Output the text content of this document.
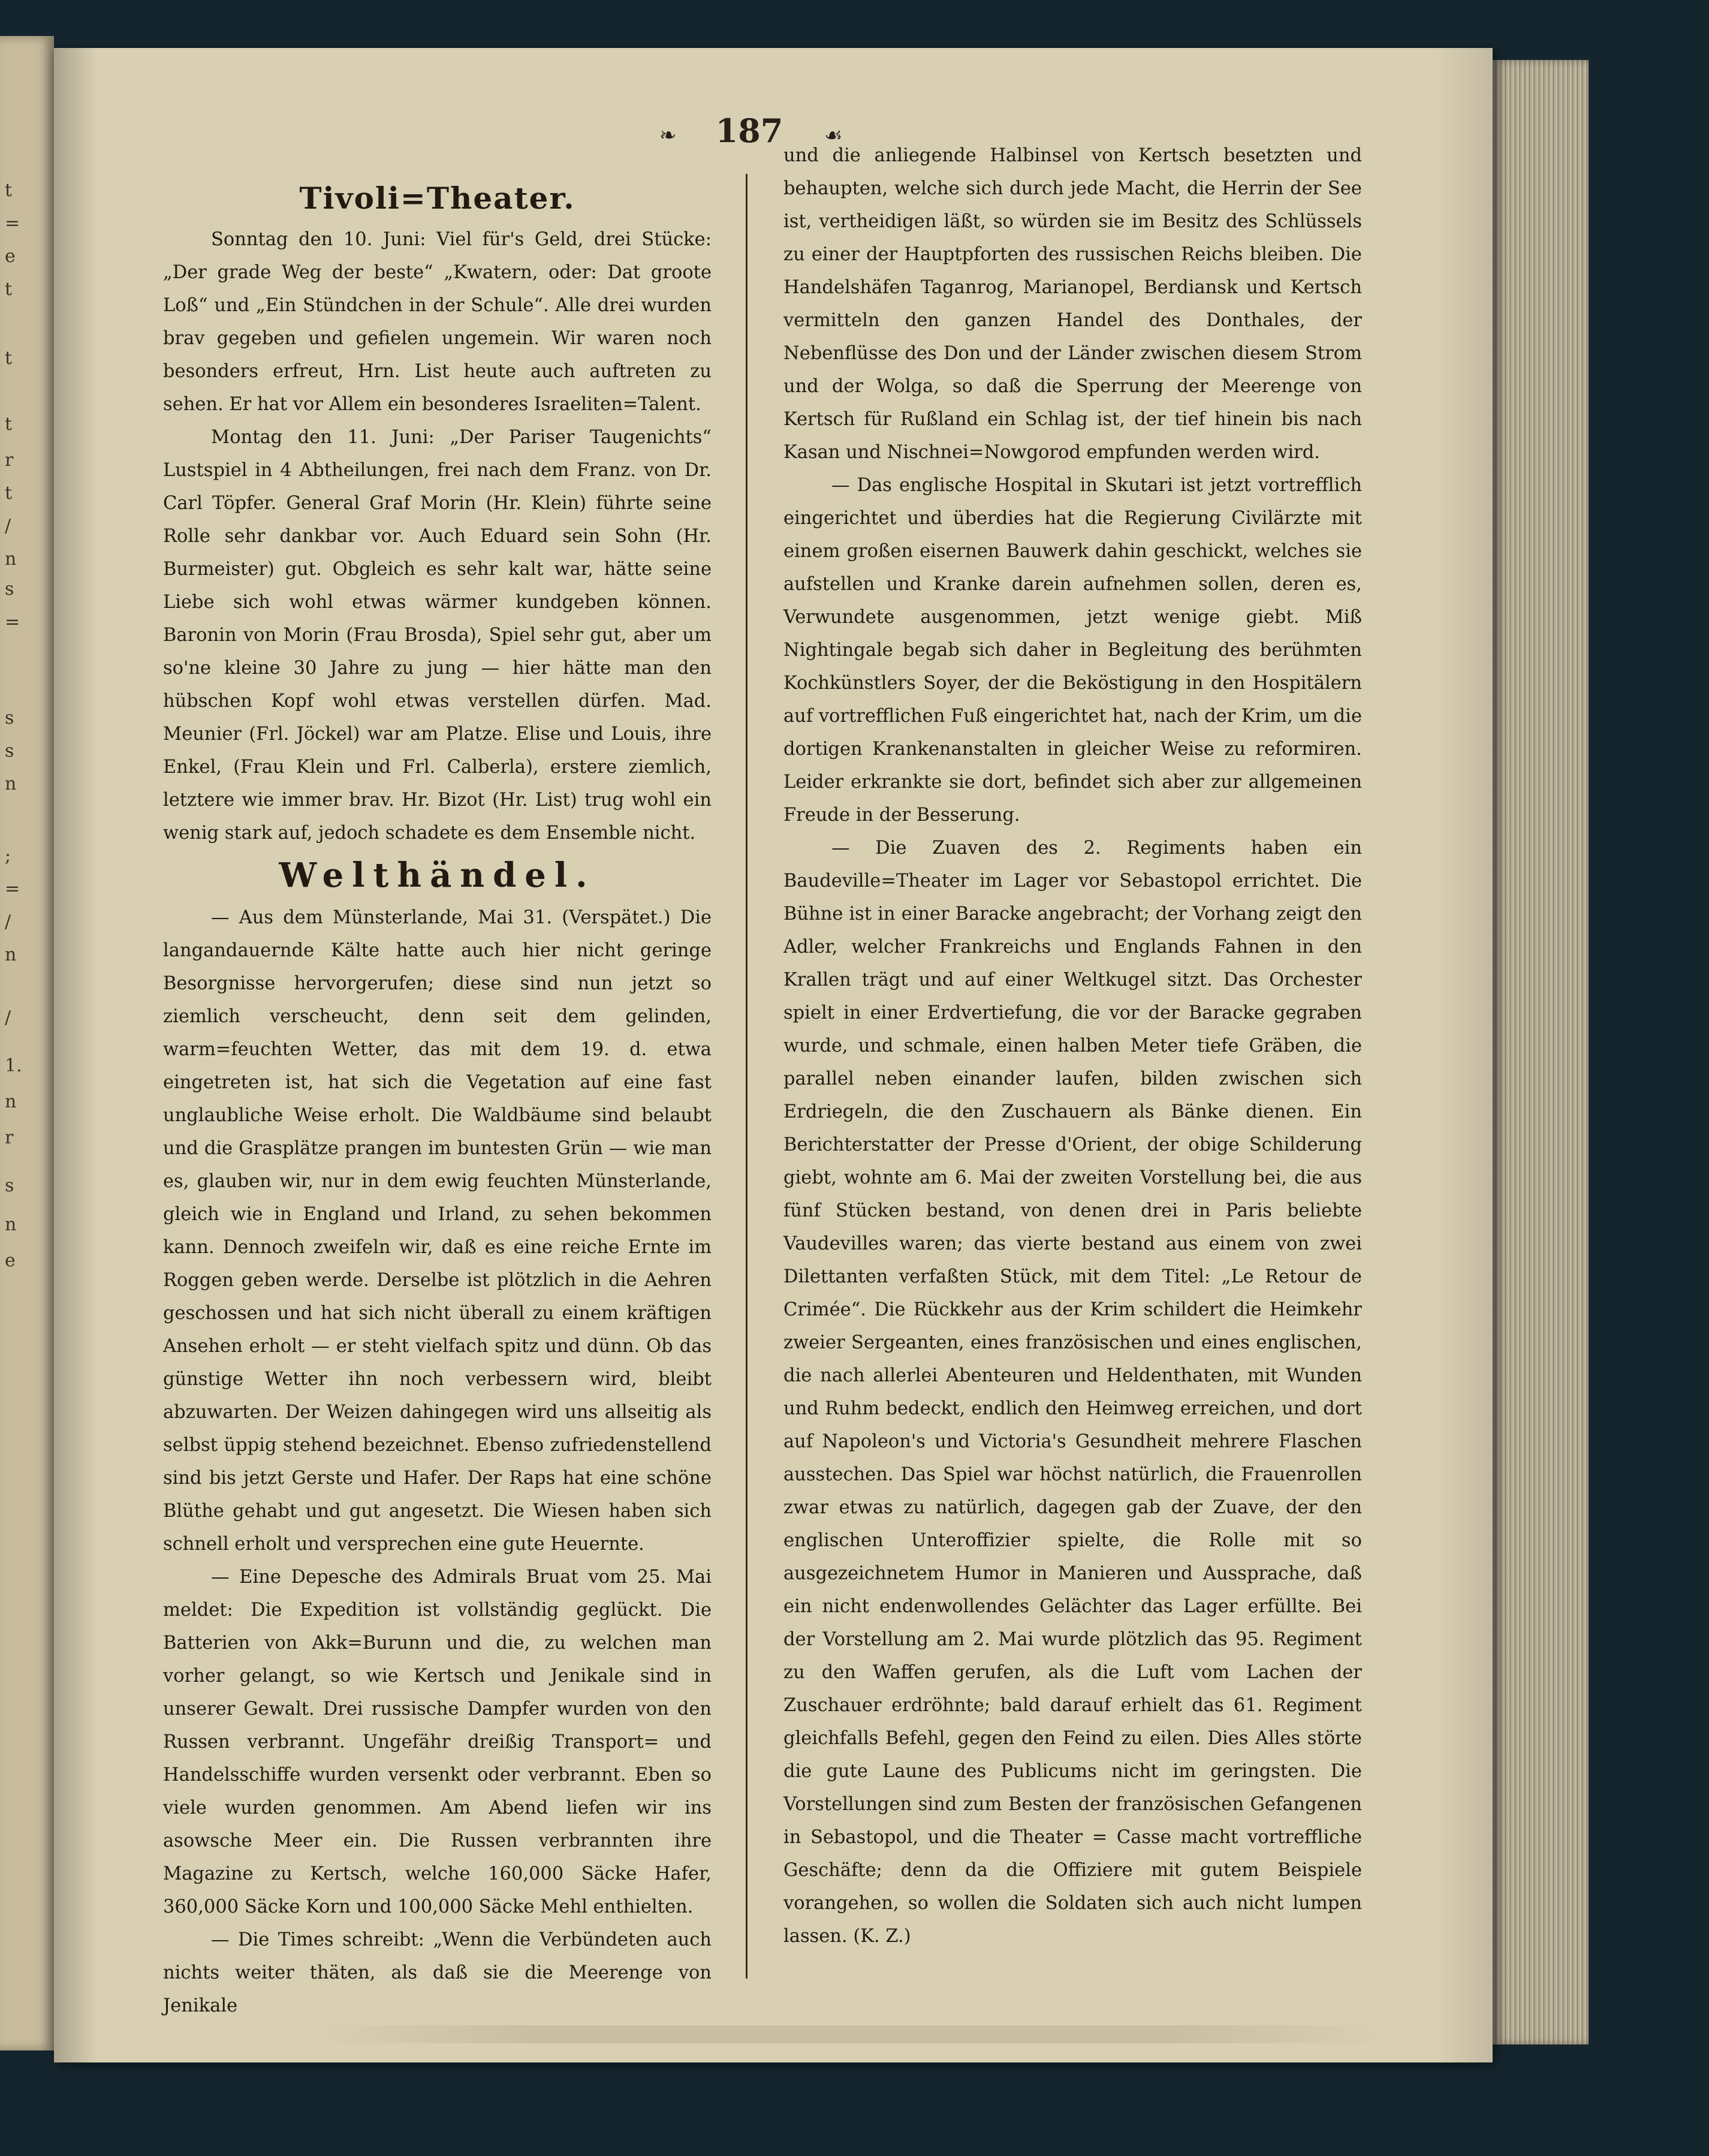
t
=
e
t
t
t
r
t
/
n
s
=
s
s
n
;
=
/
n
/
1.
n
r
s
n
e
❧	187	☙
Tivoli=Theater.

Sonntag den 10. Juni: Viel für's Geld, drei Stücke: „Der grade Weg der beste“ „Kwatern, oder: Dat groote Loß“ und „Ein Stündchen in der Schule“. Alle drei wurden brav gegeben und gefielen ungemein. Wir waren noch besonders erfreut, Hrn. List heute auch auftreten zu sehen. Er hat vor Allem ein besonderes Israeliten=Talent.

Montag den 11. Juni: „Der Pariser Taugenichts“ Lustspiel in 4 Abtheilungen, frei nach dem Franz. von Dr. Carl Töpfer. General Graf Morin (Hr. Klein) führte seine Rolle sehr dankbar vor. Auch Eduard sein Sohn (Hr. Burmeister) gut. Obgleich es sehr kalt war, hätte seine Liebe sich wohl etwas wärmer kundgeben können. Baronin von Morin (Frau Brosda), Spiel sehr gut, aber um so'ne kleine 30 Jahre zu jung — hier hätte man den hübschen Kopf wohl etwas verstellen dürfen. Mad. Meunier (Frl. Jöckel) war am Platze. Elise und Louis, ihre Enkel, (Frau Klein und Frl. Calberla), erstere ziemlich, letztere wie immer brav. Hr. Bizot (Hr. List) trug wohl ein wenig stark auf, jedoch schadete es dem Ensemble nicht.

Welthändel.

— Aus dem Münsterlande, Mai 31. (Verspätet.) Die langandauernde Kälte hatte auch hier nicht geringe Besorgnisse hervorgerufen; diese sind nun jetzt so ziemlich verscheucht, denn seit dem gelinden, warm=feuchten Wetter, das mit dem 19. d. etwa eingetreten ist, hat sich die Vegetation auf eine fast unglaubliche Weise erholt. Die Waldbäume sind belaubt und die Grasplätze prangen im buntesten Grün — wie man es, glauben wir, nur in dem ewig feuchten Münsterlande, gleich wie in England und Irland, zu sehen bekommen kann. Dennoch zweifeln wir, daß es eine reiche Ernte im Roggen geben werde. Derselbe ist plötzlich in die Aehren geschossen und hat sich nicht überall zu einem kräftigen Ansehen erholt — er steht vielfach spitz und dünn. Ob das günstige Wetter ihn noch verbessern wird, bleibt abzuwarten. Der Weizen dahingegen wird uns allseitig als selbst üppig stehend bezeichnet. Ebenso zufriedenstellend sind bis jetzt Gerste und Hafer. Der Raps hat eine schöne Blüthe gehabt und gut angesetzt. Die Wiesen haben sich schnell erholt und versprechen eine gute Heuernte.

— Eine Depesche des Admirals Bruat vom 25. Mai meldet: Die Expedition ist vollständig geglückt. Die Batterien von Akk=Burunn und die, zu welchen man vorher gelangt, so wie Kertsch und Jenikale sind in unserer Gewalt. Drei russische Dampfer wurden von den Russen verbrannt. Ungefähr dreißig Transport= und Handelsschiffe wurden versenkt oder verbrannt. Eben so viele wurden genommen. Am Abend liefen wir ins asowsche Meer ein. Die Russen verbrannten ihre Magazine zu Kertsch, welche 160,000 Säcke Hafer, 360,000 Säcke Korn und 100,000 Säcke Mehl enthielten.

— Die Times schreibt: „Wenn die Verbündeten auch nichts weiter thäten, als daß sie die Meerenge von Jenikale

und die anliegende Halbinsel von Kertsch besetzten und behaupten, welche sich durch jede Macht, die Herrin der See ist, vertheidigen läßt, so würden sie im Besitz des Schlüssels zu einer der Hauptpforten des russischen Reichs bleiben. Die Handelshäfen Taganrog, Marianopel, Berdiansk und Kertsch vermitteln den ganzen Handel des Donthales, der Nebenflüsse des Don und der Länder zwischen diesem Strom und der Wolga, so daß die Sperrung der Meerenge von Kertsch für Rußland ein Schlag ist, der tief hinein bis nach Kasan und Nischnei=Nowgorod empfunden werden wird.

— Das englische Hospital in Skutari ist jetzt vortrefflich eingerichtet und überdies hat die Regierung Civilärzte mit einem großen eisernen Bauwerk dahin geschickt, welches sie aufstellen und Kranke darein aufnehmen sollen, deren es, Verwundete ausgenommen, jetzt wenige giebt. Miß Nightingale begab sich daher in Begleitung des berühmten Kochkünstlers Soyer, der die Beköstigung in den Hospitälern auf vortrefflichen Fuß eingerichtet hat, nach der Krim, um die dortigen Krankenanstalten in gleicher Weise zu reformiren. Leider erkrankte sie dort, befindet sich aber zur allgemeinen Freude in der Besserung.

— Die Zuaven des 2. Regiments haben ein Baudeville=Theater im Lager vor Sebastopol errichtet. Die Bühne ist in einer Baracke angebracht; der Vorhang zeigt den Adler, welcher Frankreichs und Englands Fahnen in den Krallen trägt und auf einer Weltkugel sitzt. Das Orchester spielt in einer Erdvertiefung, die vor der Baracke gegraben wurde, und schmale, einen halben Meter tiefe Gräben, die parallel neben einander laufen, bilden zwischen sich Erdriegeln, die den Zuschauern als Bänke dienen. Ein Berichterstatter der Presse d'Orient, der obige Schilderung giebt, wohnte am 6. Mai der zweiten Vorstellung bei, die aus fünf Stücken bestand, von denen drei in Paris beliebte Vaudevilles waren; das vierte bestand aus einem von zwei Dilettanten verfaßten Stück, mit dem Titel: „Le Retour de Crimée“. Die Rückkehr aus der Krim schildert die Heimkehr zweier Sergeanten, eines französischen und eines englischen, die nach allerlei Abenteuren und Heldenthaten, mit Wunden und Ruhm bedeckt, endlich den Heimweg erreichen, und dort auf Napoleon's und Victoria's Gesundheit mehrere Flaschen ausstechen. Das Spiel war höchst natürlich, die Frauenrollen zwar etwas zu natürlich, dagegen gab der Zuave, der den englischen Unteroffizier spielte, die Rolle mit so ausgezeichnetem Humor in Manieren und Aussprache, daß ein nicht endenwollendes Gelächter das Lager erfüllte. Bei der Vorstellung am 2. Mai wurde plötzlich das 95. Regiment zu den Waffen gerufen, als die Luft vom Lachen der Zuschauer erdröhnte; bald darauf erhielt das 61. Regiment gleichfalls Befehl, gegen den Feind zu eilen. Dies Alles störte die gute Laune des Publicums nicht im geringsten. Die Vorstellungen sind zum Besten der französischen Gefangenen in Sebastopol, und die Theater = Casse macht vortreffliche Geschäfte; denn da die Offiziere mit gutem Beispiele vorangehen, so wollen die Soldaten sich auch nicht lumpen lassen. (K. Z.)
